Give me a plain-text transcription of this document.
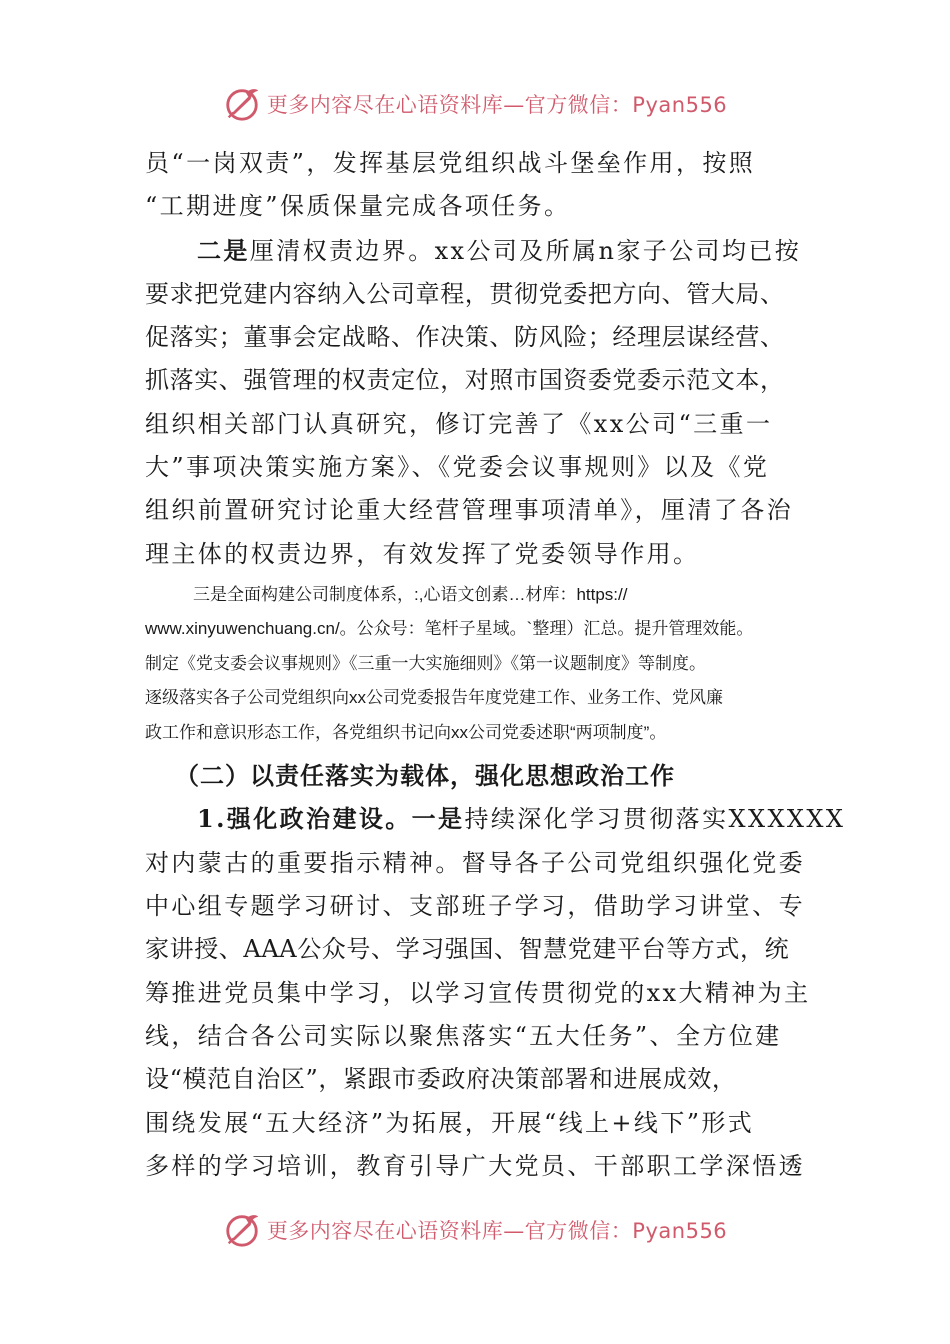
更多内容尽在心语资料库—官方微信：Pyan556
员“一岗双责”，发挥基层党组织战斗堡垒作用，按照
“工期进度”保质保量完成各项任务。
二是厘清权责边界。xx公司及所属n家子公司均已按
要求把党建内容纳入公司章程，贯彻党委把方向、管大局、
促落实；董事会定战略、作决策、防风险；经理层谋经营、
抓落实、强管理的权责定位，对照市国资委党委示范文本，
组织相关部门认真研究，修订完善了《xx公司“三重一
大”事项决策实施方案》、《党委会议事规则》以及《党
组织前置研究讨论重大经营管理事项清单》，厘清了各治
理主体的权责边界，有效发挥了党委领导作用。
三是全面构建公司制度体系，:,心语文创素…材库：https://
www.xinyuwenchuang.cn/。公众号：笔杆子星域。`整理）汇总。提升管理效能。
制定《党支委会议事规则》《三重一大实施细则》《第一议题制度》等制度。
逐级落实各子公司党组织向xx公司党委报告年度党建工作、业务工作、党风廉
政工作和意识形态工作，各党组织书记向xx公司党委述职“两项制度”。
（二）以责任落实为载体，强化思想政治工作
1.强化政治建设。一是持续深化学习贯彻落实XXXXXX
对内蒙古的重要指示精神。督导各子公司党组织强化党委
中心组专题学习研讨、支部班子学习，借助学习讲堂、专
家讲授、AAA公众号、学习强国、智慧党建平台等方式，统
筹推进党员集中学习，以学习宣传贯彻党的xx大精神为主
线，结合各公司实际以聚焦落实“五大任务”、全方位建
设“模范自治区”，紧跟市委政府决策部署和进展成效，
围绕发展“五大经济”为拓展，开展“线上+线下”形式
多样的学习培训，教育引导广大党员、干部职工学深悟透
更多内容尽在心语资料库—官方微信：Pyan556
